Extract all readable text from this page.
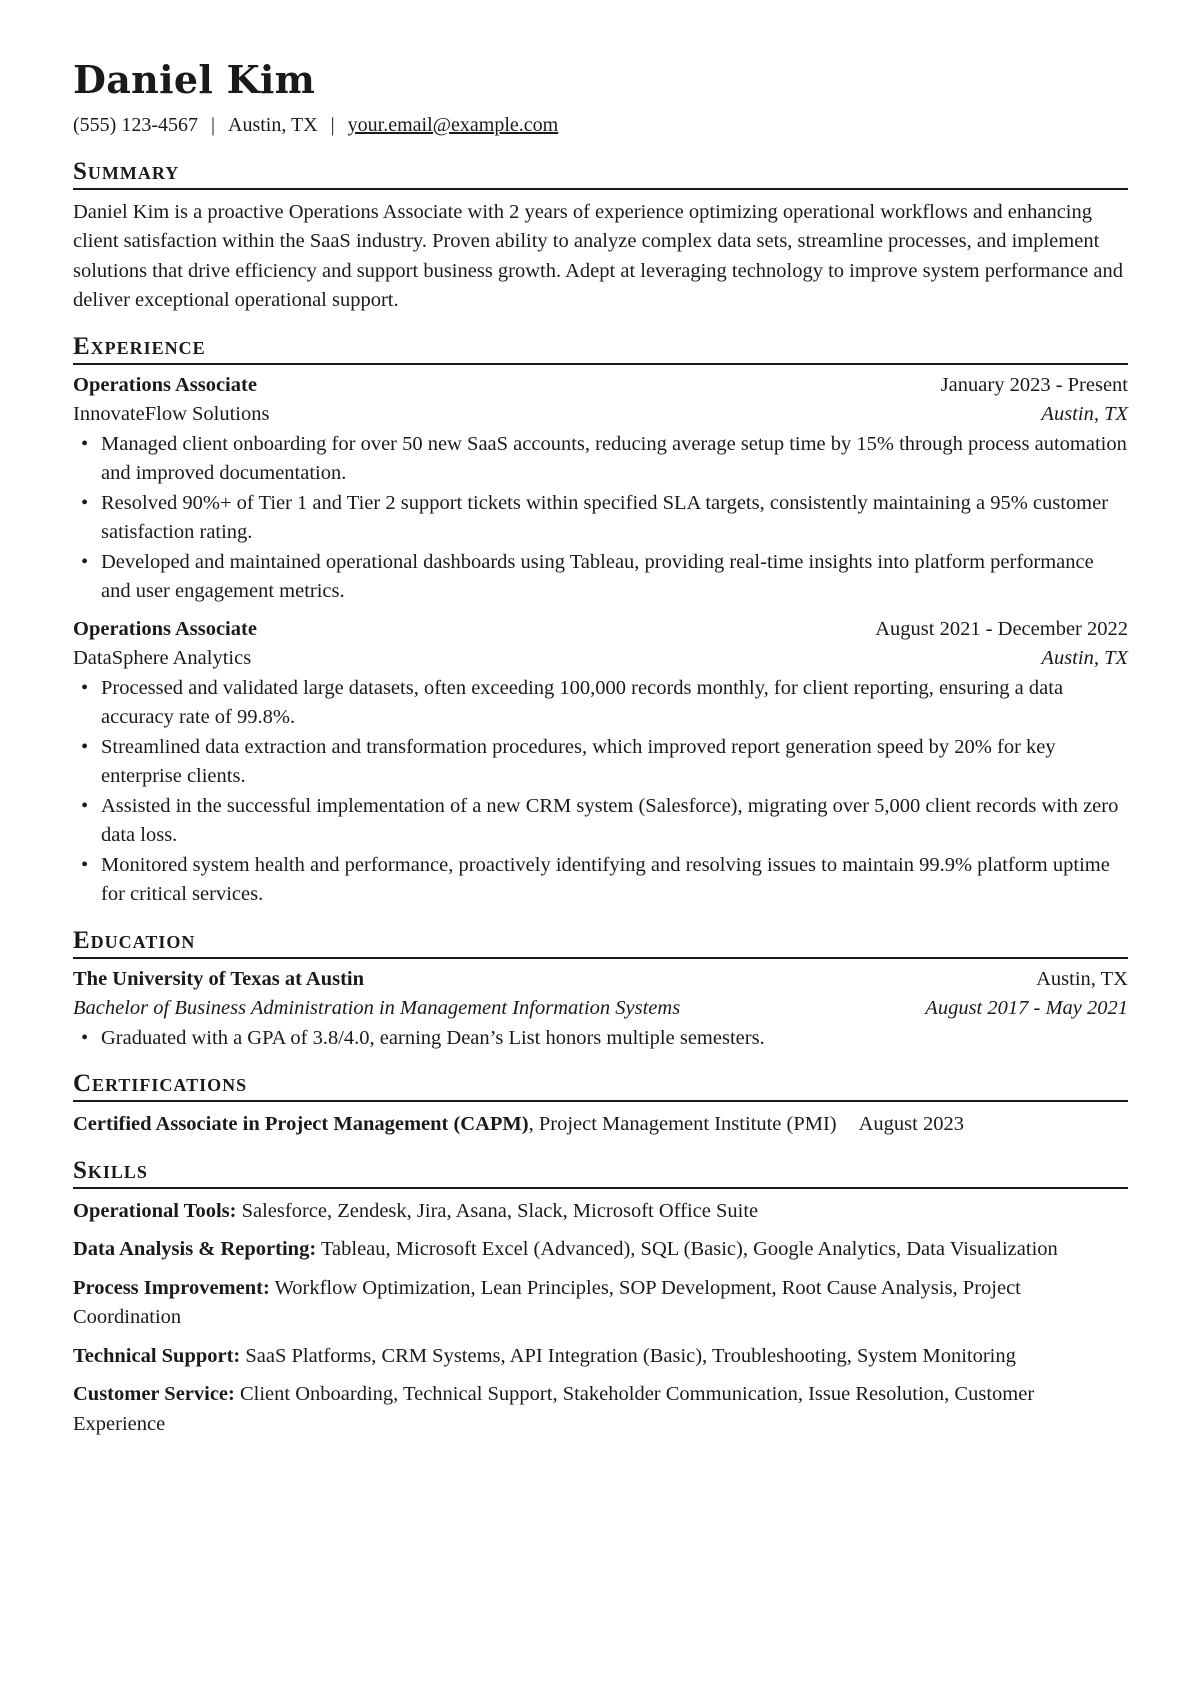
Daniel Kim
(555) 123-4567 | Austin, TX | your.email@example.com
Summary
Daniel Kim is a proactive Operations Associate with 2 years of experience optimizing operational workflows and enhancing client satisfaction within the SaaS industry. Proven ability to analyze complex data sets, streamline processes, and implement solutions that drive efficiency and support business growth. Adept at leveraging technology to improve system performance and deliver exceptional operational support.
Experience
Operations Associate	January 2023 - Present
InnovateFlow Solutions	Austin, TX
• Managed client onboarding for over 50 new SaaS accounts, reducing average setup time by 15% through process automation and improved documentation.
• Resolved 90%+ of Tier 1 and Tier 2 support tickets within specified SLA targets, consistently maintaining a 95% customer satisfaction rating.
• Developed and maintained operational dashboards using Tableau, providing real-time insights into platform performance and user engagement metrics.
Operations Associate	August 2021 - December 2022
DataSphere Analytics	Austin, TX
• Processed and validated large datasets, often exceeding 100,000 records monthly, for client reporting, ensuring a data accuracy rate of 99.8%.
• Streamlined data extraction and transformation procedures, which improved report generation speed by 20% for key enterprise clients.
• Assisted in the successful implementation of a new CRM system (Salesforce), migrating over 5,000 client records with zero data loss.
• Monitored system health and performance, proactively identifying and resolving issues to maintain 99.9% platform uptime for critical services.
Education
The University of Texas at Austin	Austin, TX
Bachelor of Business Administration in Management Information Systems	August 2017 - May 2021
• Graduated with a GPA of 3.8/4.0, earning Dean’s List honors multiple semesters.
Certifications
Certified Associate in Project Management (CAPM), Project Management Institute (PMI) August 2023
Skills
Operational Tools: Salesforce, Zendesk, Jira, Asana, Slack, Microsoft Office Suite
Data Analysis & Reporting: Tableau, Microsoft Excel (Advanced), SQL (Basic), Google Analytics, Data Visualization
Process Improvement: Workflow Optimization, Lean Principles, SOP Development, Root Cause Analysis, Project Coordination
Technical Support: SaaS Platforms, CRM Systems, API Integration (Basic), Troubleshooting, System Monitoring
Customer Service: Client Onboarding, Technical Support, Stakeholder Communication, Issue Resolution, Customer Experience
